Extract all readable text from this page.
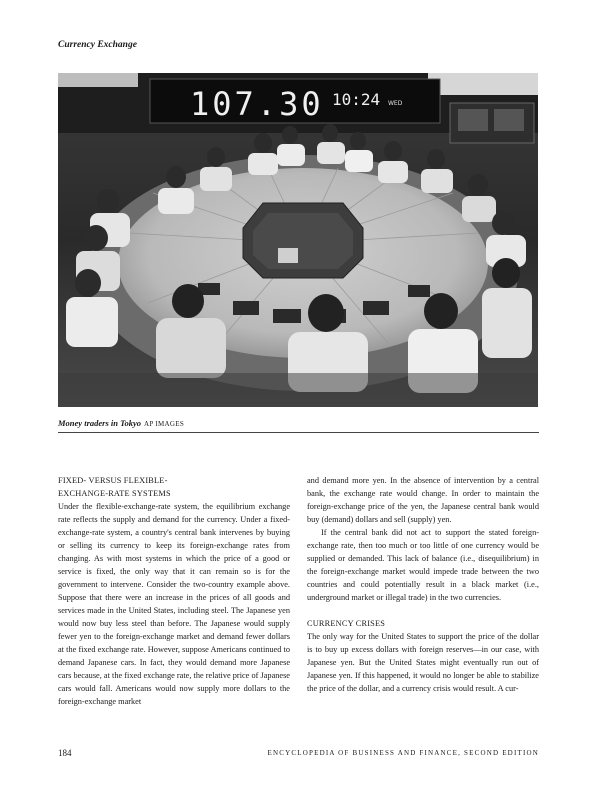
Currency Exchange
107.30 10:24 WED
Money traders in Tokyo AP IMAGES
FIXED- VERSUS FLEXIBLE-
EXCHANGE-RATE SYSTEMS

Under the flexible-exchange-rate system, the equilibrium exchange rate reflects the supply and demand for the currency. Under a fixed-exchange-rate system, a country's central bank intervenes by buying or selling its currency to keep its foreign-exchange rates from changing. As with most systems in which the price of a good or service is fixed, the only way that it can remain so is for the government to intervene. Consider the two-country example above. Suppose that there were an increase in the prices of all goods and services made in the United States, including steel. The Japanese yen would now buy less steel than before. The Japanese would supply fewer yen to the foreign-exchange market and demand fewer dollars at the fixed exchange rate. However, suppose Americans continued to demand Japanese cars. In fact, they would demand more Japanese cars because, at the fixed exchange rate, the relative price of Japanese cars would fall. Americans would now supply more dollars to the foreign-exchange market

and demand more yen. In the absence of intervention by a central bank, the exchange rate would change. In order to maintain the foreign-exchange price of the yen, the Japanese central bank would buy (demand) dollars and sell (supply) yen.

If the central bank did not act to support the stated foreign-exchange rate, then too much or too little of one currency would be supplied or demanded. This lack of balance (i.e., disequilibrium) in the foreign-exchange market would impede trade between the two countries and could potentially result in a black market (i.e., underground market or illegal trade) in the two currencies.

CURRENCY CRISES

The only way for the United States to support the price of the dollar is to buy up excess dollars with foreign reserves—in our case, with Japanese yen. But the United States might eventually run out of Japanese yen. If this happened, it would no longer be able to stabilize the price of the dollar, and a currency crisis would result. A cur-

184	ENCYCLOPEDIA OF BUSINESS AND FINANCE, SECOND EDITION
